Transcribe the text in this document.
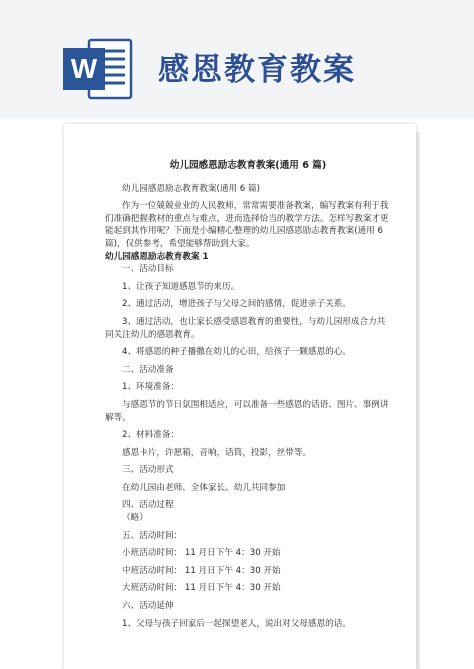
W 感恩教育教案
幼儿园感恩励志教育教案(通用 6 篇)
幼儿园感恩励志教育教案(通用 6 篇)
作为一位兢兢业业的人民教师，常常需要准备教案，编写教案有利于我们准确把握教材的重点与难点，进而选择恰当的教学方法。怎样写教案才更能起到其作用呢？下面是小编精心整理的幼儿园感恩励志教育教案(通用 6 篇)，仅供参考，希望能够帮助到大家。
幼儿园感恩励志教育教案 1
一、活动目标
1、让孩子知道感恩节的来历。
2、通过活动，增进孩子与父母之间的感情，促进亲子关系。
3、通过活动，也让家长感受感恩教育的重要性，与幼儿园形成合力共同关注幼儿的感恩教育。
4、将感恩的种子播撒在幼儿的心田，给孩子一颗感恩的心。
二、活动准备
1、环境准备：
与感恩节的节日氛围相适应，可以准备一些感恩的话语、图片、事例讲解等。
2、材料准备：
感恩卡片，许愿箱，音响，话筒，投影，丝带等。
三、活动形式
在幼儿园由老师、全体家长、幼儿共同参加
四、活动过程
（略）
五、活动时间：
小班活动时间： 11 月日下午 4：30 开始
中班活动时间： 11 月日下午 4：30 开始
大班活动时间： 11 月日下午 4：30 开始
六、活动延伸
1、父母与孩子回家后一起探望老人，说出对父母感恩的话。
